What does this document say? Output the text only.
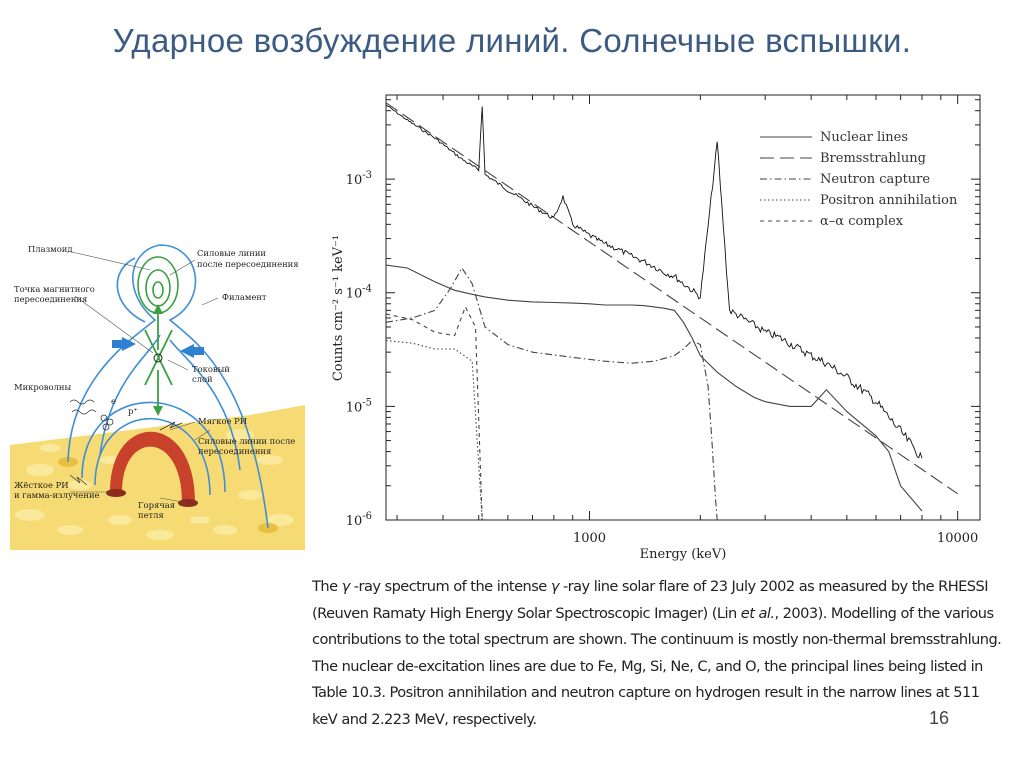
Ударное возбуждение линий. Солнечные вспышки.
Плазмоид	Силовые линии
после пересоединения
Точка магнитного
пересоединения	Филамент
Токовый
слой
Микроволны
e
p⁺
Мягкое РИ
Силовые линии после
пересоединения
Жёсткое РИ
и гамма-излучение
Горячая
петля
1000	10000
$10^{-3}$
$10^{-4}$
$10^{-5}$
$10^{-6}$
Energy (keV)
Counts cm⁻² s⁻¹ keV⁻¹
Nuclear lines
Bremsstrahlung
Neutron capture
Positron annihilation
α–α complex

The γ -ray spectrum of the intense γ -ray line solar flare of 23 July 2002 as measured by the RHESSI (Reuven Ramaty High Energy Solar Spectroscopic Imager) (Lin et al., 2003). Modelling of the various contributions to the total spectrum are shown. The continuum is mostly non-thermal bremsstrahlung. The nuclear de-excitation lines are due to Fe, Mg, Si, Ne, C, and O, the principal lines being listed in Table 10.3. Positron annihilation and neutron capture on hydrogen result in the narrow lines at 511 keV and 2.223 MeV, respectively.	16
